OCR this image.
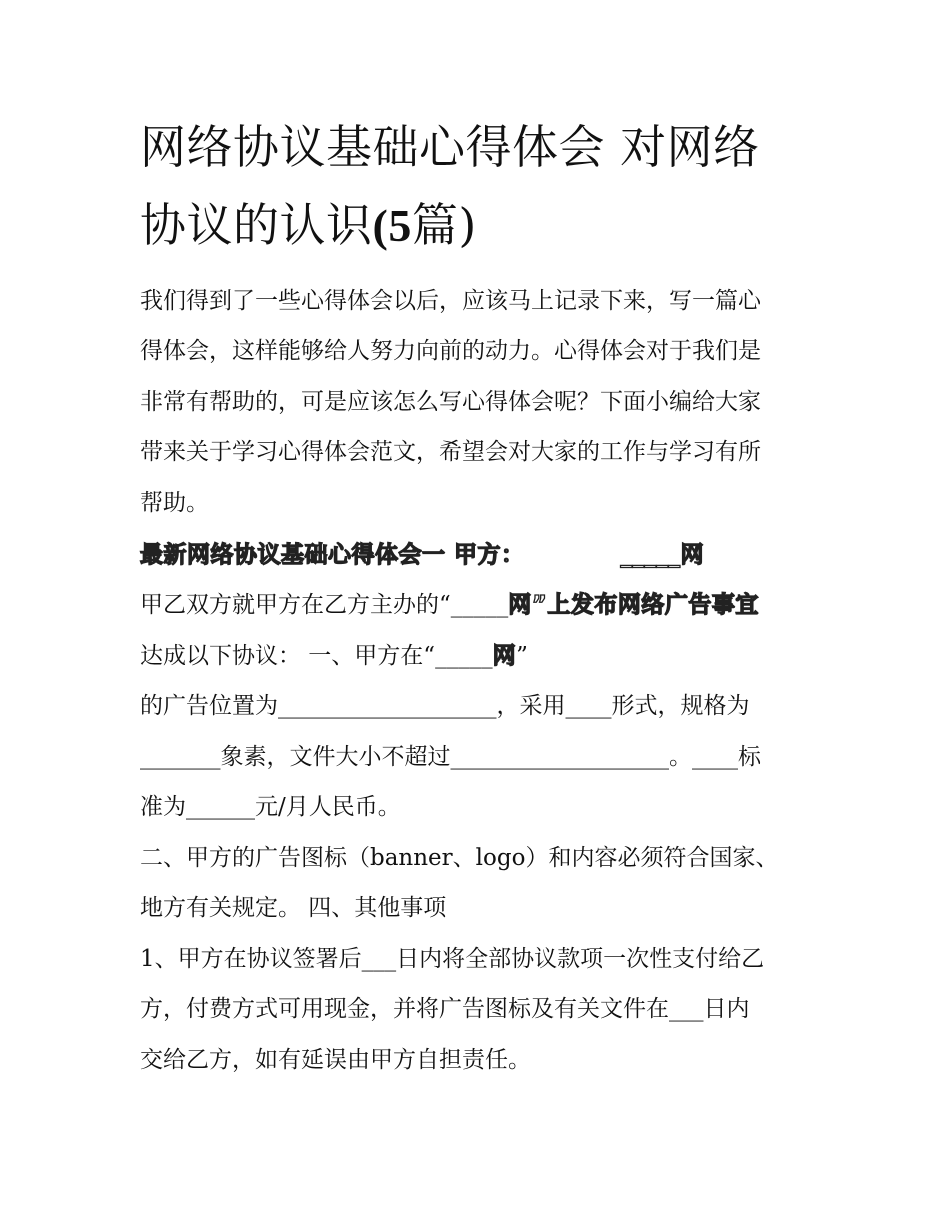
网络协议基础心得体会 对网络
协议的认识(5篇)
我们得到了一些心得体会以后，应该马上记录下来，写一篇心
得体会，这样能够给人努力向前的动力。心得体会对于我们是
非常有帮助的，可是应该怎么写心得体会呢？下面小编给大家
带来关于学习心得体会范文，希望会对大家的工作与学习有所
帮助。
最新网络协议基础心得体会一 甲方：	_____网
甲乙双方就甲方在乙方主办的“_____网”上发布网络广告事宜
达成以下协议： 一、甲方在“_____网”
的广告位置为___________________，采用____形式，规格为
_______象素，文件大小不超过___________________。____标
准为______元/月人民币。
二、甲方的广告图标（banner、logo）和内容必须符合国家、
地方有关规定。 四、其他事项
1、甲方在协议签署后___日内将全部协议款项一次性支付给乙
方，付费方式可用现金，并将广告图标及有关文件在___日内
交给乙方，如有延误由甲方自担责任。
